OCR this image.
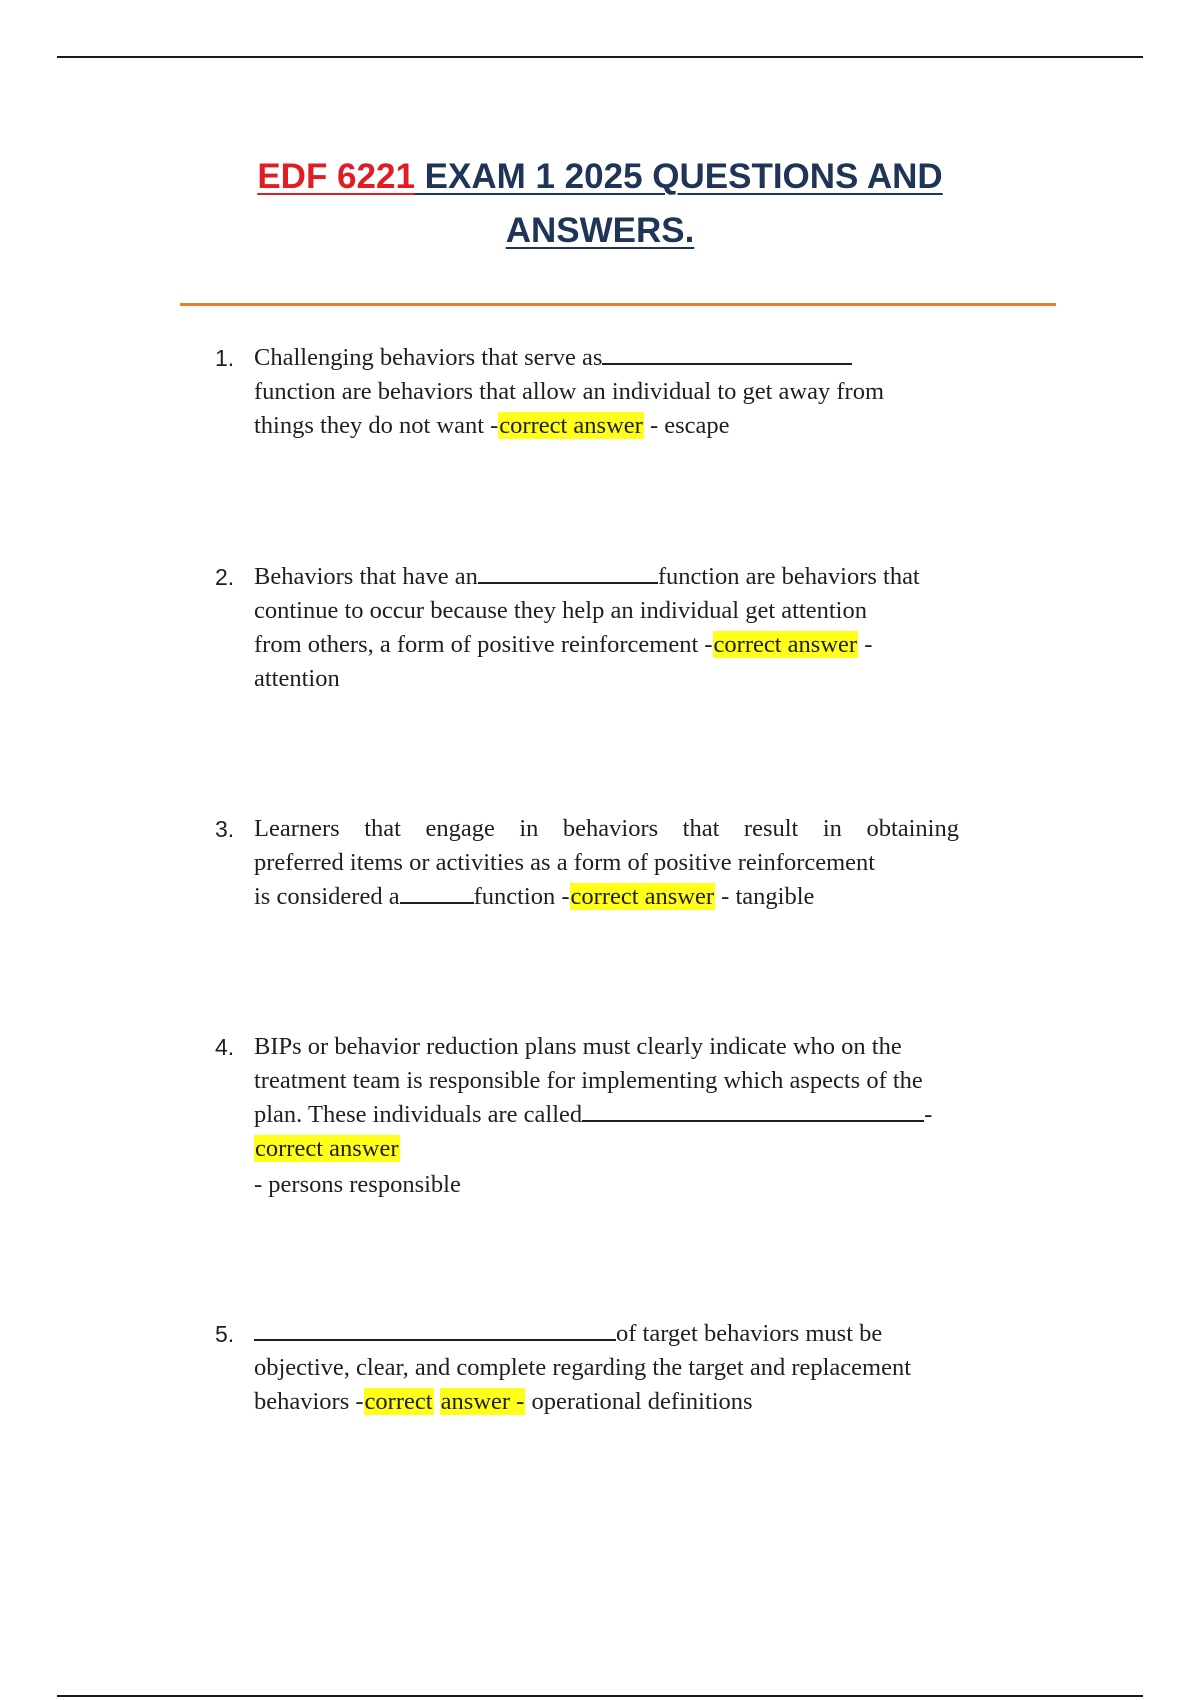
EDF 6221 EXAM 1 2025 QUESTIONS AND
ANSWERS.
1. Challenging behaviors that serve as
function are behaviors that allow an individual to get away from
things they do not want -correct answer - escape
2. Behaviors that have an	function are behaviors that
continue to occur because they help an individual get attention
from others, a form of positive reinforcement -correct answer -
attention
3. Learners that engage in behaviors that result in obtaining
preferred items or activities as a form of positive reinforcement
is considered a	function -correct answer - tangible
4. BIPs or behavior reduction plans must clearly indicate who on the
treatment team is responsible for implementing which aspects of the
plan. These individuals are called	-
correct answer
- persons responsible
5.	of target behaviors must be
objective, clear, and complete regarding the target and replacement
behaviors -correct answer - operational definitions
